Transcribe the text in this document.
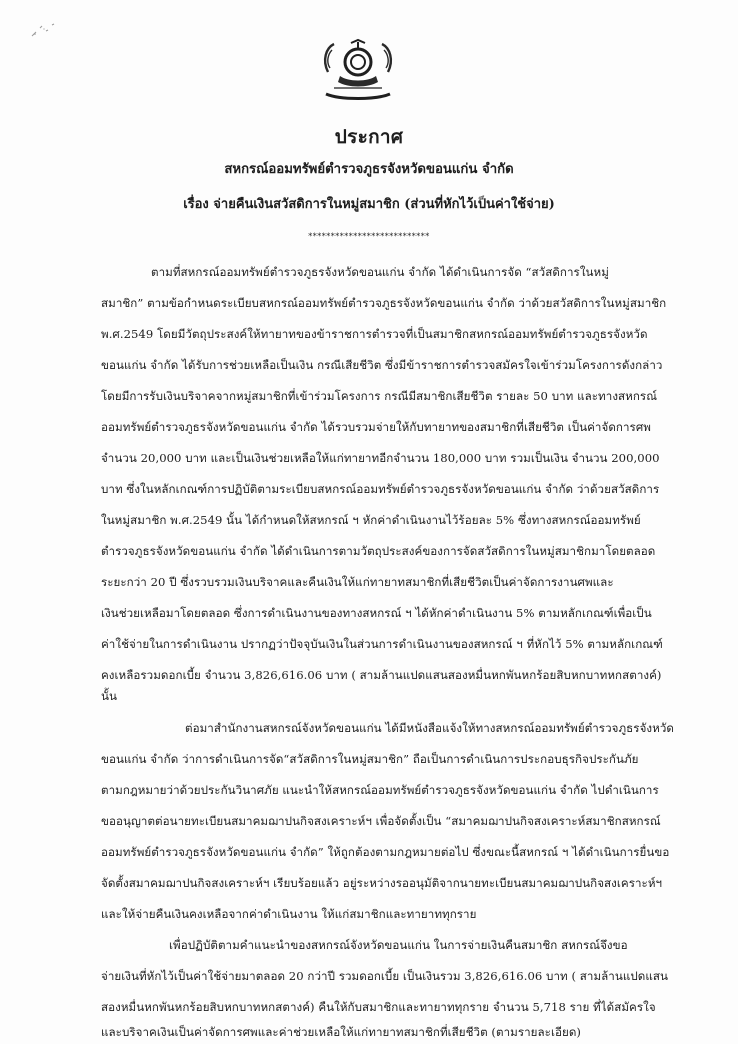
ประกาศ
สหกรณ์ออมทรัพย์ตำรวจภูธรจังหวัดขอนแก่น จำกัด
เรื่อง จ่ายคืนเงินสวัสดิการในหมู่สมาชิก (ส่วนที่หักไว้เป็นค่าใช้จ่าย)
***************************
ตามที่สหกรณ์ออมทรัพย์ตำรวจภูธรจังหวัดขอนแก่น จำกัด ได้ดำเนินการจัด “สวัสดิการในหมู่
สมาชิก” ตามข้อกำหนดระเบียบสหกรณ์ออมทรัพย์ตำรวจภูธรจังหวัดขอนแก่น จำกัด ว่าด้วยสวัสดิการในหมู่สมาชิก
พ.ศ.2549 โดยมีวัตถุประสงค์ให้ทายาทของข้าราชการตำรวจที่เป็นสมาชิกสหกรณ์ออมทรัพย์ตำรวจภูธรจังหวัด
ขอนแก่น จำกัด ได้รับการช่วยเหลือเป็นเงิน กรณีเสียชีวิต ซึ่งมีข้าราชการตำรวจสมัครใจเข้าร่วมโครงการดังกล่าว
โดยมีการรับเงินบริจาคจากหมู่สมาชิกที่เข้าร่วมโครงการ กรณีมีสมาชิกเสียชีวิต รายละ 50 บาท และทางสหกรณ์
ออมทรัพย์ตำรวจภูธรจังหวัดขอนแก่น จำกัด ได้รวบรวมจ่ายให้กับทายาทของสมาชิกที่เสียชีวิต เป็นค่าจัดการศพ
จำนวน 20,000 บาท และเป็นเงินช่วยเหลือให้แก่ทายาทอีกจำนวน 180,000 บาท รวมเป็นเงิน จำนวน 200,000
บาท ซึ่งในหลักเกณฑ์การปฏิบัติตามระเบียบสหกรณ์ออมทรัพย์ตำรวจภูธรจังหวัดขอนแก่น จำกัด ว่าด้วยสวัสดิการ
ในหมู่สมาชิก พ.ศ.2549 นั้น ได้กำหนดให้สหกรณ์ ฯ หักค่าดำเนินงานไว้ร้อยละ 5% ซึ่งทางสหกรณ์ออมทรัพย์
ตำรวจภูธรจังหวัดขอนแก่น จำกัด ได้ดำเนินการตามวัตถุประสงค์ของการจัดสวัสดิการในหมู่สมาชิกมาโดยตลอด
ระยะกว่า 20 ปี ซึ่งรวบรวมเงินบริจาคและคืนเงินให้แก่ทายาทสมาชิกที่เสียชีวิตเป็นค่าจัดการงานศพและ
เงินช่วยเหลือมาโดยตลอด ซึ่งการดำเนินงานของทางสหกรณ์ ฯ ได้หักค่าดำเนินงาน 5% ตามหลักเกณฑ์เพื่อเป็น
ค่าใช้จ่ายในการดำเนินงาน ปรากฏว่าปัจจุบันเงินในส่วนการดำเนินงานของสหกรณ์ ฯ ที่หักไว้ 5% ตามหลักเกณฑ์
คงเหลือรวมดอกเบี้ย จำนวน 3,826,616.06 บาท ( สามล้านแปดแสนสองหมื่นหกพันหกร้อยสิบหกบาทหกสตางค์)
นั้น
ต่อมาสำนักงานสหกรณ์จังหวัดขอนแก่น ได้มีหนังสือแจ้งให้ทางสหกรณ์ออมทรัพย์ตำรวจภูธรจังหวัด
ขอนแก่น จำกัด ว่าการดำเนินการจัด“สวัสดิการในหมู่สมาชิก” ถือเป็นการดำเนินการประกอบธุรกิจประกันภัย
ตามกฎหมายว่าด้วยประกันวินาศภัย แนะนำให้สหกรณ์ออมทรัพย์ตำรวจภูธรจังหวัดขอนแก่น จำกัด ไปดำเนินการ
ขออนุญาตต่อนายทะเบียนสมาคมฌาปนกิจสงเคราะห์ฯ เพื่อจัดตั้งเป็น “สมาคมฌาปนกิจสงเคราะห์สมาชิกสหกรณ์
ออมทรัพย์ตำรวจภูธรจังหวัดขอนแก่น จำกัด” ให้ถูกต้องตามกฎหมายต่อไป ซึ่งขณะนี้สหกรณ์ ฯ ได้ดำเนินการยื่นขอ
จัดตั้งสมาคมฌาปนกิจสงเคราะห์ฯ เรียบร้อยแล้ว อยู่ระหว่างรออนุมัติจากนายทะเบียนสมาคมฌาปนกิจสงเคราะห์ฯ
และให้จ่ายคืนเงินคงเหลือจากค่าดำเนินงาน ให้แก่สมาชิกและทายาททุกราย
เพื่อปฏิบัติตามคำแนะนำของสหกรณ์จังหวัดขอนแก่น ในการจ่ายเงินคืนสมาชิก สหกรณ์จึงขอ
จ่ายเงินที่หักไว้เป็นค่าใช้จ่ายมาตลอด 20 กว่าปี รวมดอกเบี้ย เป็นเงินรวม 3,826,616.06 บาท ( สามล้านแปดแสน
สองหมื่นหกพันหกร้อยสิบหกบาทหกสตางค์) คืนให้กับสมาชิกและทายาททุกราย จำนวน 5,718 ราย ที่ได้สมัครใจ
และบริจาคเงินเป็นค่าจัดการศพและค่าช่วยเหลือให้แก่ทายาทสมาชิกที่เสียชีวิต (ตามรายละเอียด)
